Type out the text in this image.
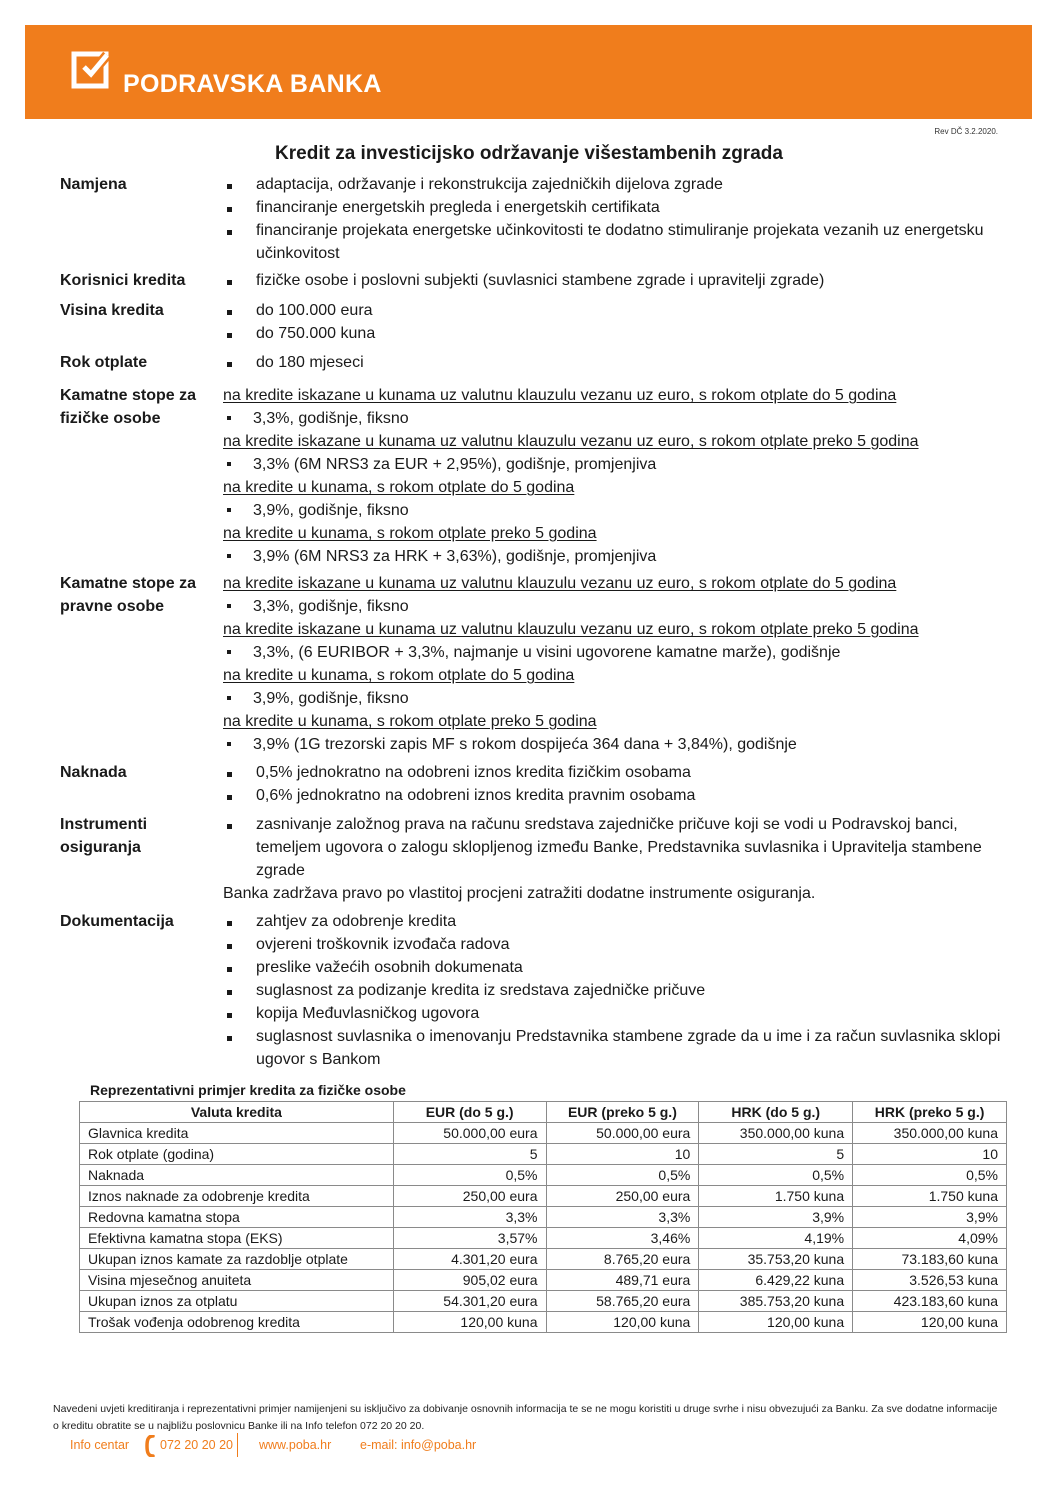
PODRAVSKA BANKA
Rev DČ 3.2.2020.
Kredit za investicijsko održavanje višestambenih zgrada
Namjena	adaptacija, održavanje i rekonstrukcija zajedničkih dijelova zgrade
financiranje energetskih pregleda i energetskih certifikata
financiranje projekata energetske učinkovitosti te dodatno stimuliranje projekata vezanih uz energetsku učinkovitost
Korisnici kredita	fizičke osobe i poslovni subjekti (suvlasnici stambene zgrade i upravitelji zgrade)
Visina kredita	do 100.000 eura
do 750.000 kuna
Rok otplate	do 180 mjeseci
Kamatne stope za fizičke osobe
na kredite iskazane u kunama uz valutnu klauzulu vezanu uz euro, s rokom otplate do 5 godina
3,3%, godišnje, fiksno
na kredite iskazane u kunama uz valutnu klauzulu vezanu uz euro, s rokom otplate preko 5 godina
3,3% (6M NRS3 za EUR + 2,95%), godišnje, promjenjiva
na kredite u kunama, s rokom otplate do 5 godina
3,9%, godišnje, fiksno
na kredite u kunama, s rokom otplate preko 5 godina
3,9% (6M NRS3 za HRK + 3,63%), godišnje, promjenjiva
Kamatne stope za pravne osobe
na kredite iskazane u kunama uz valutnu klauzulu vezanu uz euro, s rokom otplate do 5 godina
3,3%, godišnje, fiksno
na kredite iskazane u kunama uz valutnu klauzulu vezanu uz euro, s rokom otplate preko 5 godina
3,3%, (6 EURIBOR + 3,3%, najmanje u visini ugovorene kamatne marže), godišnje
na kredite u kunama, s rokom otplate do 5 godina
3,9%, godišnje, fiksno
na kredite u kunama, s rokom otplate preko 5 godina
3,9% (1G trezorski zapis MF s rokom dospijeća 364 dana + 3,84%), godišnje
Naknada	0,5% jednokratno na odobreni iznos kredita fizičkim osobama
0,6% jednokratno na odobreni iznos kredita pravnim osobama
Instrumenti osiguranja
zasnivanje založnog prava na računu sredstava zajedničke pričuve koji se vodi u Podravskoj banci, temeljem ugovora o zalogu sklopljenog između Banke, Predstavnika suvlasnika i Upravitelja stambene zgrade
Banka zadržava pravo po vlastitoj procjeni zatražiti dodatne instrumente osiguranja.
Dokumentacija	zahtjev za odobrenje kredita
ovjereni troškovnik izvođača radova
preslike važećih osobnih dokumenata
suglasnost za podizanje kredita iz sredstava zajedničke pričuve
kopija Međuvlasničkog ugovora
suglasnost suvlasnika o imenovanju Predstavnika stambene zgrade da u ime i za račun suvlasnika sklopi ugovor s Bankom
Reprezentativni primjer kredita za fizičke osobe
Valuta kredita	EUR (do 5 g.)	EUR (preko 5 g.)	HRK (do 5 g.)	HRK (preko 5 g.)
Glavnica kredita	50.000,00 eura	50.000,00 eura	350.000,00 kuna	350.000,00 kuna
Rok otplate (godina)	5	10	5	10
Naknada	0,5%	0,5%	0,5%	0,5%
Iznos naknade za odobrenje kredita	250,00 eura	250,00 eura	1.750 kuna	1.750 kuna
Redovna kamatna stopa	3,3%	3,3%	3,9%	3,9%
Efektivna kamatna stopa (EKS)	3,57%	3,46%	4,19%	4,09%
Ukupan iznos kamate za razdoblje otplate	4.301,20 eura	8.765,20 eura	35.753,20 kuna	73.183,60 kuna
Visina mjesečnog anuiteta	905,02 eura	489,71 eura	6.429,22 kuna	3.526,53 kuna
Ukupan iznos za otplatu	54.301,20 eura	58.765,20 eura	385.753,20 kuna	423.183,60 kuna
Trošak vođenja odobrenog kredita	120,00 kuna	120,00 kuna	120,00 kuna	120,00 kuna
Navedeni uvjeti kreditiranja i reprezentativni primjer namijenjeni su isključivo za dobivanje osnovnih informacija te se ne mogu koristiti u druge svrhe i nisu obvezujući za Banku. Za sve dodatne informacije o kreditu obratite se u najbližu poslovnicu Banke ili na Info telefon 072 20 20 20.
Info centar 072 20 20 20 www.poba.hr e-mail: info@poba.hr
